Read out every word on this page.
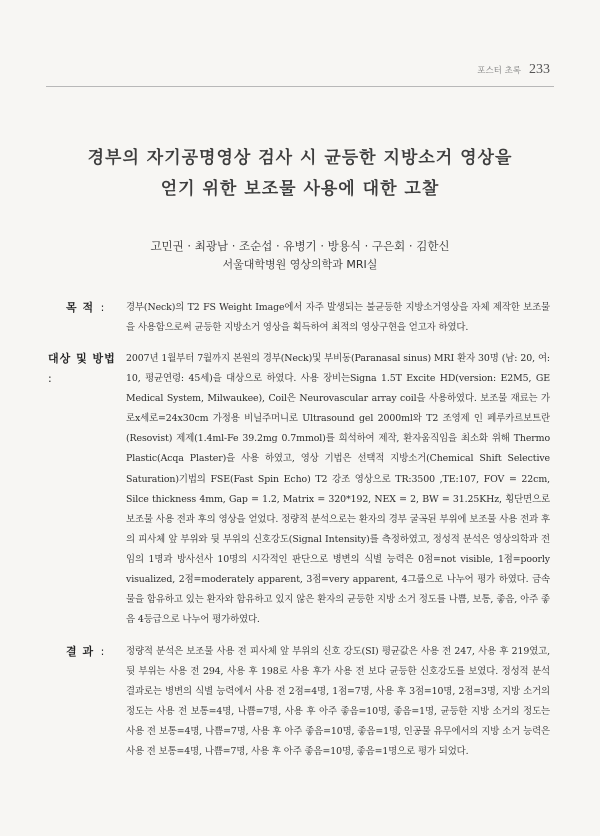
포스터 초록 233
경부의 자기공명영상 검사 시 균등한 지방소거 영상을
얻기 위한 보조물 사용에 대한 고찰
고민권 · 최광남 · 조순섭 · 유병기 · 방용식 · 구은회 · 김한신
서울대학병원 영상의학과 MRI실
목 적 :	경부(Neck)의 T2 FS Weight Image에서 자주 발생되는 불균등한 지방소거영상을 자체 제작한 보조물을 사용함으로써 균등한 지방소거 영상을 획득하여 최적의 영상구현을 얻고자 하였다.
대상 및 방법 :
2007년 1월부터 7월까지 본원의 경부(Neck)및 부비동(Paranasal sinus) MRI 환자 30명 (남: 20, 여: 10, 평균연령: 45세)을 대상으로 하였다. 사용 장비는Signa 1.5T Excite HD(version: E2M5, GE Medical System, Milwaukee), Coil은 Neurovascular array coil을 사용하였다. 보조물 재료는 가로x세로=24x30cm 가정용 비닐주머니로 Ultrasound gel 2000ml와 T2 조영제 인 페루카르보트란(Resovist) 제제(1.4ml-Fe 39.2mg 0.7mmol)를 희석하여 제작, 환자움직임을 최소화 위해 Thermo Plastic(Acqa Plaster)을 사용 하였고, 영상 기법은 선택적 지방소거(Chemical Shift Selective Saturation)기법의 FSE(Fast Spin Echo) T2 강조 영상으로 TR:3500 ,TE:107, FOV = 22cm, Silce thickness 4mm, Gap = 1.2, Matrix = 320*192, NEX = 2, BW = 31.25KHz, 횡단면으로보조물 사용 전과 후의 영상을 얻었다. 정량적 분석으로는 환자의 경부 굴곡된 부위에 보조물 사용 전과 후의 피사체 앞 부위와 뒷 부위의 신호강도(Signal Intensity)를 측정하였고, 정성적 분석은 영상의학과 전임의 1명과 방사선사 10명의 시각적인 판단으로 병변의 식별 능력은 0점=not visible, 1점=poorly visualized, 2점=moderately apparent, 3점=very apparent, 4그룹으로 나누어 평가 하였다. 금속물을 함유하고 있는 환자와 함유하고 있지 않은 환자의 균등한 지방 소거 정도를 나쁨, 보통, 좋음, 아주 좋음 4등급으로 나누어 평가하였다.
결 과 :	정량적 분석은 보조물 사용 전 피사체 앞 부위의 신호 강도(SI) 평균값은 사용 전 247, 사용 후 219였고, 뒷 부위는 사용 전 294, 사용 후 198로 사용 후가 사용 전 보다 균등한 신호강도를 보였다. 정성적 분석 결과로는 병변의 식별 능력에서 사용 전 2점=4명, 1점=7명, 사용 후 3점=10명, 2점=3명, 지방 소거의 정도는 사용 전 보통=4명, 나쁨=7명, 사용 후 아주 좋음=10명, 좋음=1명, 균등한 지방 소거의 정도는 사용 전 보통=4명, 나쁨=7명, 사용 후 아주 좋음=10명, 좋음=1명, 인공물 유무에서의 지방 소거 능력은 사용 전 보통=4명, 나쁨=7명, 사용 후 아주 좋음=10명, 좋음=1명으로 평가 되었다.
